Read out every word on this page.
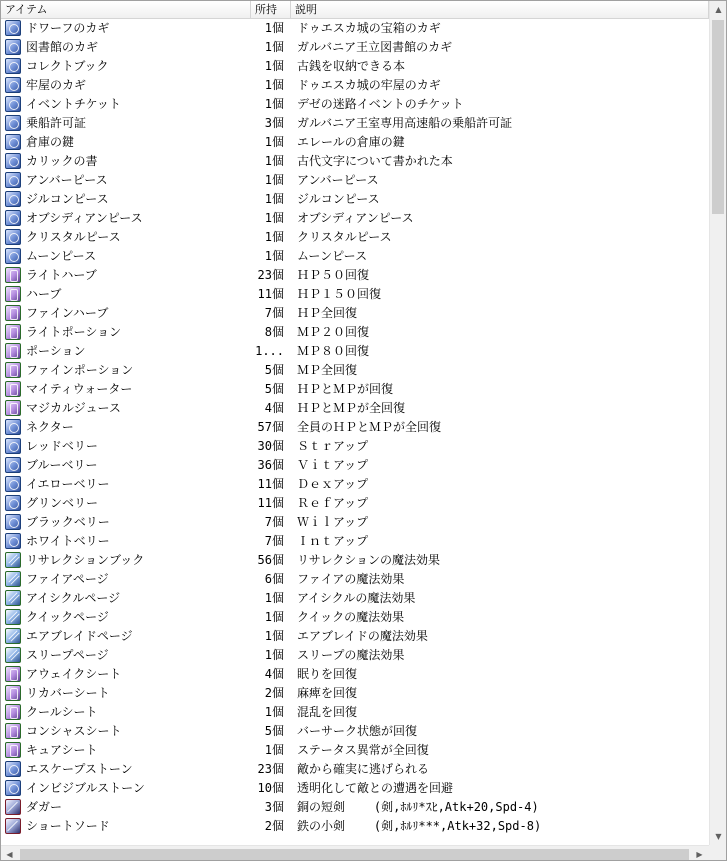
アイテム	所持	説明
ドワーフのカギ	1個 ドゥエスカ城の宝箱のカギ
図書館のカギ	1個 ガルバニア王立図書館のカギ
コレクトブック	1個 古銭を収納できる本
牢屋のカギ	1個 ドゥエスカ城の牢屋のカギ
イベントチケット	1個 デゼの迷路イベントのチケット
乗船許可証	3個 ガルバニア王室専用高速船の乗船許可証
倉庫の鍵	1個 エレールの倉庫の鍵
カリックの書	1個 古代文字について書かれた本
アンバーピース	1個 アンバーピース
ジルコンピース	1個 ジルコンピース
オブシディアンピース	1個 オブシディアンピース
クリスタルピース	1個 クリスタルピース
ムーンピース	1個 ムーンピース
ライトハーブ	23個 ＨＰ５０回復
ハーブ	11個 ＨＰ１５０回復
ファインハーブ	7個 ＨＰ全回復
ライトポーション	8個 ＭＰ２０回復
ポーション	1... ＭＰ８０回復
ファインポーション	5個 ＭＰ全回復
マイティウォーター	5個 ＨＰとＭＰが回復
マジカルジュース	4個 ＨＰとＭＰが全回復
ネクター	57個 全員のＨＰとＭＰが全回復
レッドベリー	30個 Ｓｔｒアップ
ブルーベリー	36個 Ｖｉｔアップ
イエローベリー	11個 Ｄｅｘアップ
グリンベリー	11個 Ｒｅｆアップ
ブラックベリー	7個 Ｗｉｌアップ
ホワイトベリー	7個 Ｉｎｔアップ
リサレクションブック	56個 リサレクションの魔法効果
ファイアページ	6個 ファイアの魔法効果
アイシクルページ	1個 アイシクルの魔法効果
クイックページ	1個 クイックの魔法効果
エアブレイドページ	1個 エアブレイドの魔法効果
スリープページ	1個 スリープの魔法効果
アウェイクシート	4個 眠りを回復
リカバーシート	2個 麻痺を回復
クールシート	1個 混乱を回復
コンシャスシート	5個 バーサーク状態が回復
キュアシート	1個 ステータス異常が全回復
エスケープストーン	23個 敵から確実に逃げられる
インビジブルストーン	10個 透明化して敵との遭遇を回避
ダガー	3個 銅の短剣    (剣,ﾎﾙﾘ*ｽﾋ,Atk+20,Spd-4)
ショートソード	2個 鉄の小剣    (剣,ﾎﾙﾘ***,Atk+32,Spd-8)
▲
▼
◀	▶
